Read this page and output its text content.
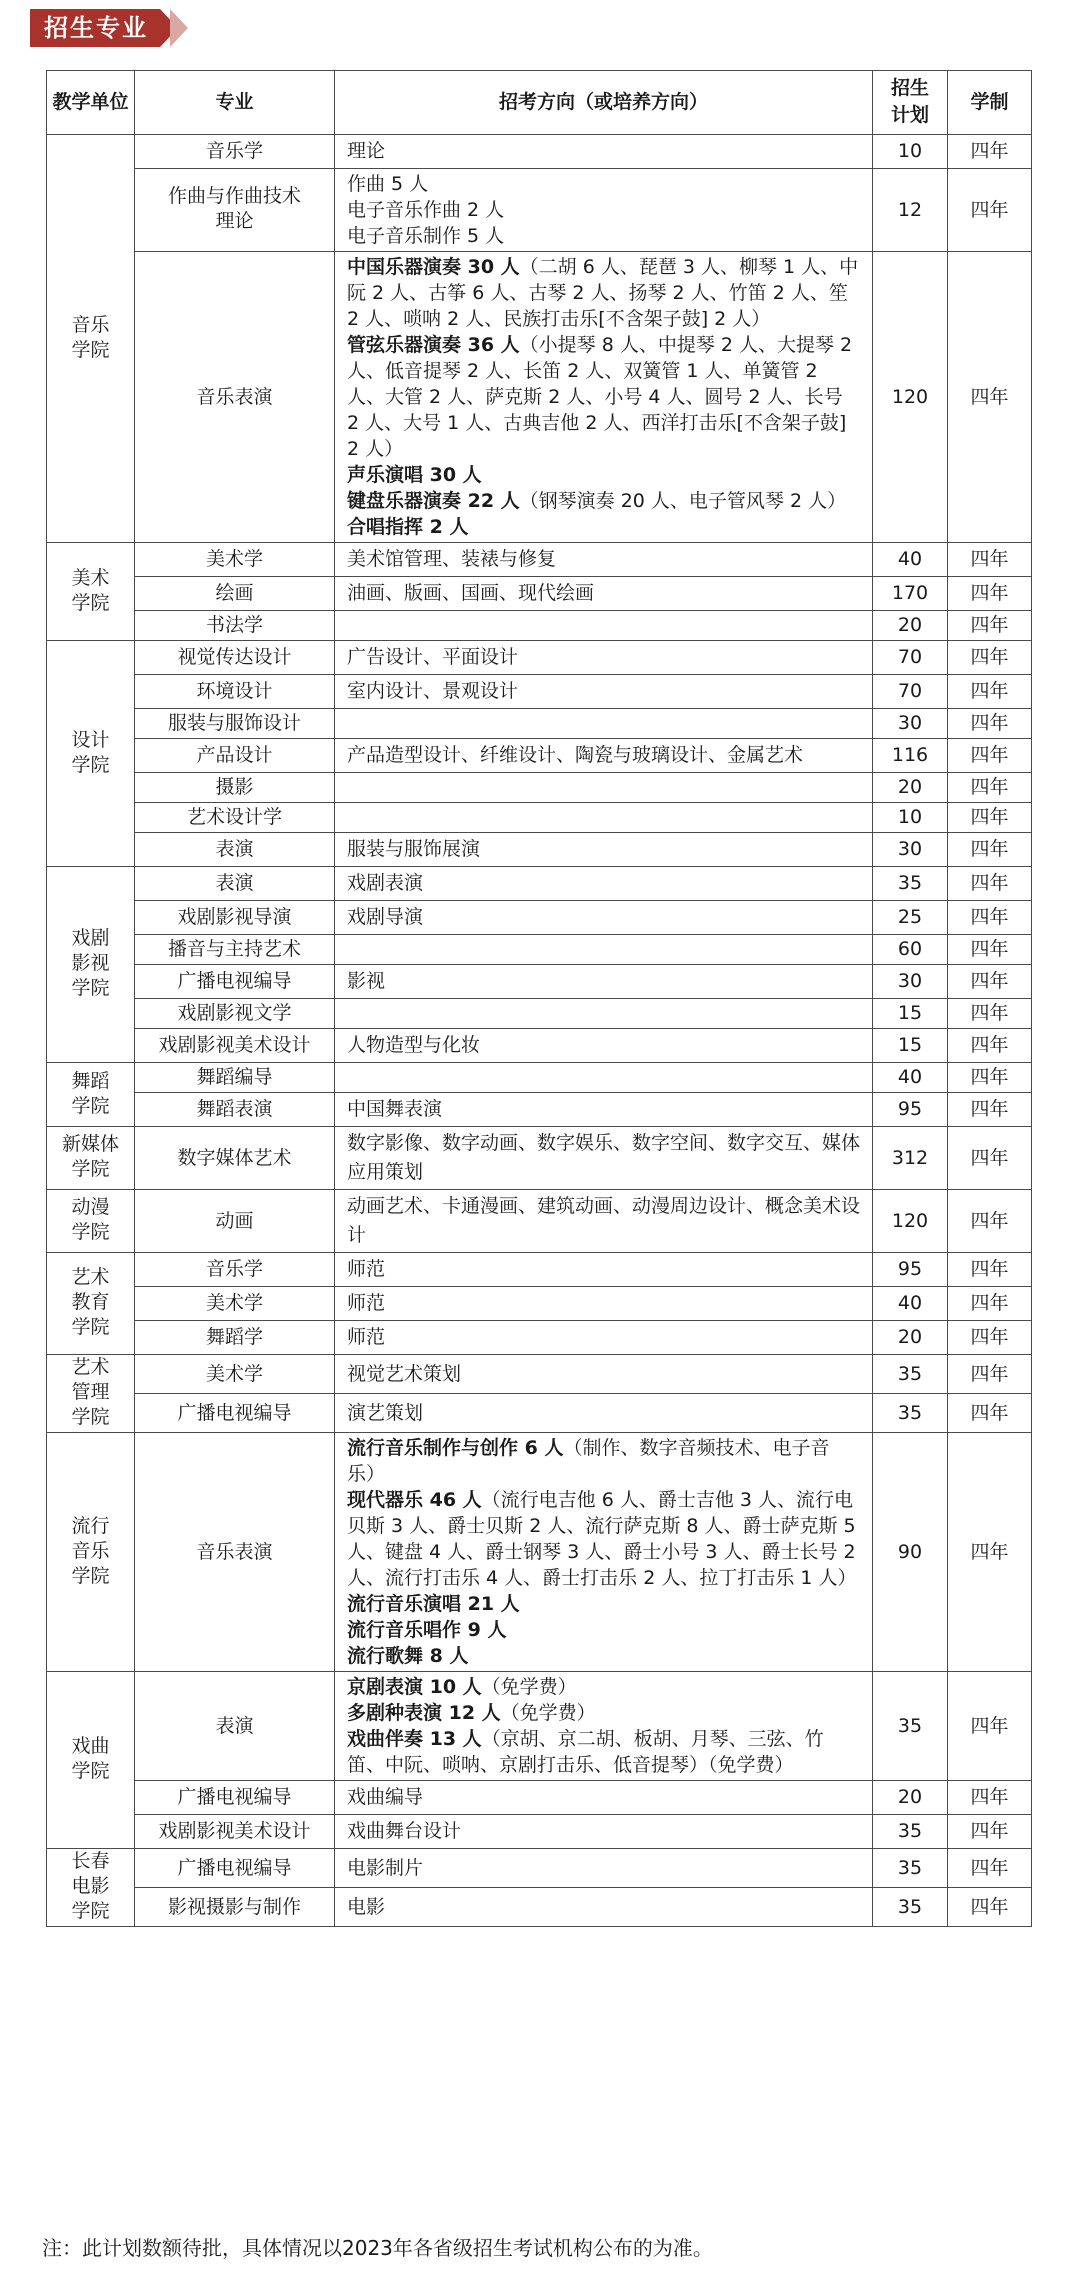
招生专业
教学单位	专业	招考方向（或培养方向）	招生计划	学制
音乐学院	音乐学	理论	10	四年
	作曲与作曲技术理论	作曲 5 人
电子音乐作曲 2 人
电子音乐制作 5 人	12	四年
	音乐表演	中国乐器演奏 30 人（二胡 6 人、琵琶 3 人、柳琴 1 人、中阮 2 人、古筝 6 人、古琴 2 人、扬琴 2 人、竹笛 2 人、笙 2 人、唢呐 2 人、民族打击乐[不含架子鼓] 2 人）
管弦乐器演奏 36 人（小提琴 8 人、中提琴 2 人、大提琴 2 人、低音提琴 2 人、长笛 2 人、双簧管 1 人、单簧管 2 人、大管 2 人、萨克斯 2 人、小号 4 人、圆号 2 人、长号 2 人、大号 1 人、古典吉他 2 人、西洋打击乐[不含架子鼓] 2 人）
声乐演唱 30 人
键盘乐器演奏 22 人（钢琴演奏 20 人、电子管风琴 2 人）
合唱指挥 2 人	120	四年
美术学院	美术学	美术馆管理、装裱与修复	40	四年
	绘画	油画、版画、国画、现代绘画	170	四年
	书法学		20	四年
设计学院	视觉传达设计	广告设计、平面设计	70	四年
	环境设计	室内设计、景观设计	70	四年
	服装与服饰设计		30	四年
	产品设计	产品造型设计、纤维设计、陶瓷与玻璃设计、金属艺术	116	四年
	摄影		20	四年
	艺术设计学		10	四年
	表演	服装与服饰展演	30	四年
戏剧影视学院	表演	戏剧表演	35	四年
	戏剧影视导演	戏剧导演	25	四年
	播音与主持艺术		60	四年
	广播电视编导	影视	30	四年
	戏剧影视文学		15	四年
	戏剧影视美术设计	人物造型与化妆	15	四年
舞蹈学院	舞蹈编导		40	四年
	舞蹈表演	中国舞表演	95	四年
新媒体学院	数字媒体艺术	数字影像、数字动画、数字娱乐、数字空间、数字交互、媒体应用策划	312	四年
动漫学院	动画	动画艺术、卡通漫画、建筑动画、动漫周边设计、概念美术设计	120	四年
艺术教育学院	音乐学	师范	95	四年
	美术学	师范	40	四年
	舞蹈学	师范	20	四年
艺术管理学院	美术学	视觉艺术策划	35	四年
	广播电视编导	演艺策划	35	四年
流行音乐学院	音乐表演	流行音乐制作与创作 6 人（制作、数字音频技术、电子音乐）
现代器乐 46 人（流行电吉他 6 人、爵士吉他 3 人、流行电贝斯 3 人、爵士贝斯 2 人、流行萨克斯 8 人、爵士萨克斯 5 人、键盘 4 人、爵士钢琴 3 人、爵士小号 3 人、爵士长号 2 人、流行打击乐 4 人、爵士打击乐 2 人、拉丁打击乐 1 人）
流行音乐演唱 21 人
流行音乐唱作 9 人
流行歌舞 8 人	90	四年
戏曲学院	表演	京剧表演 10 人（免学费）
多剧种表演 12 人（免学费）
戏曲伴奏 13 人（京胡、京二胡、板胡、月琴、三弦、竹笛、中阮、唢呐、京剧打击乐、低音提琴）（免学费）	35	四年
	广播电视编导	戏曲编导	20	四年
	戏剧影视美术设计	戏曲舞台设计	35	四年
长春电影学院	广播电视编导	电影制片	35	四年
	影视摄影与制作	电影	35	四年
注：此计划数额待批，具体情况以2023年各省级招生考试机构公布的为准。
